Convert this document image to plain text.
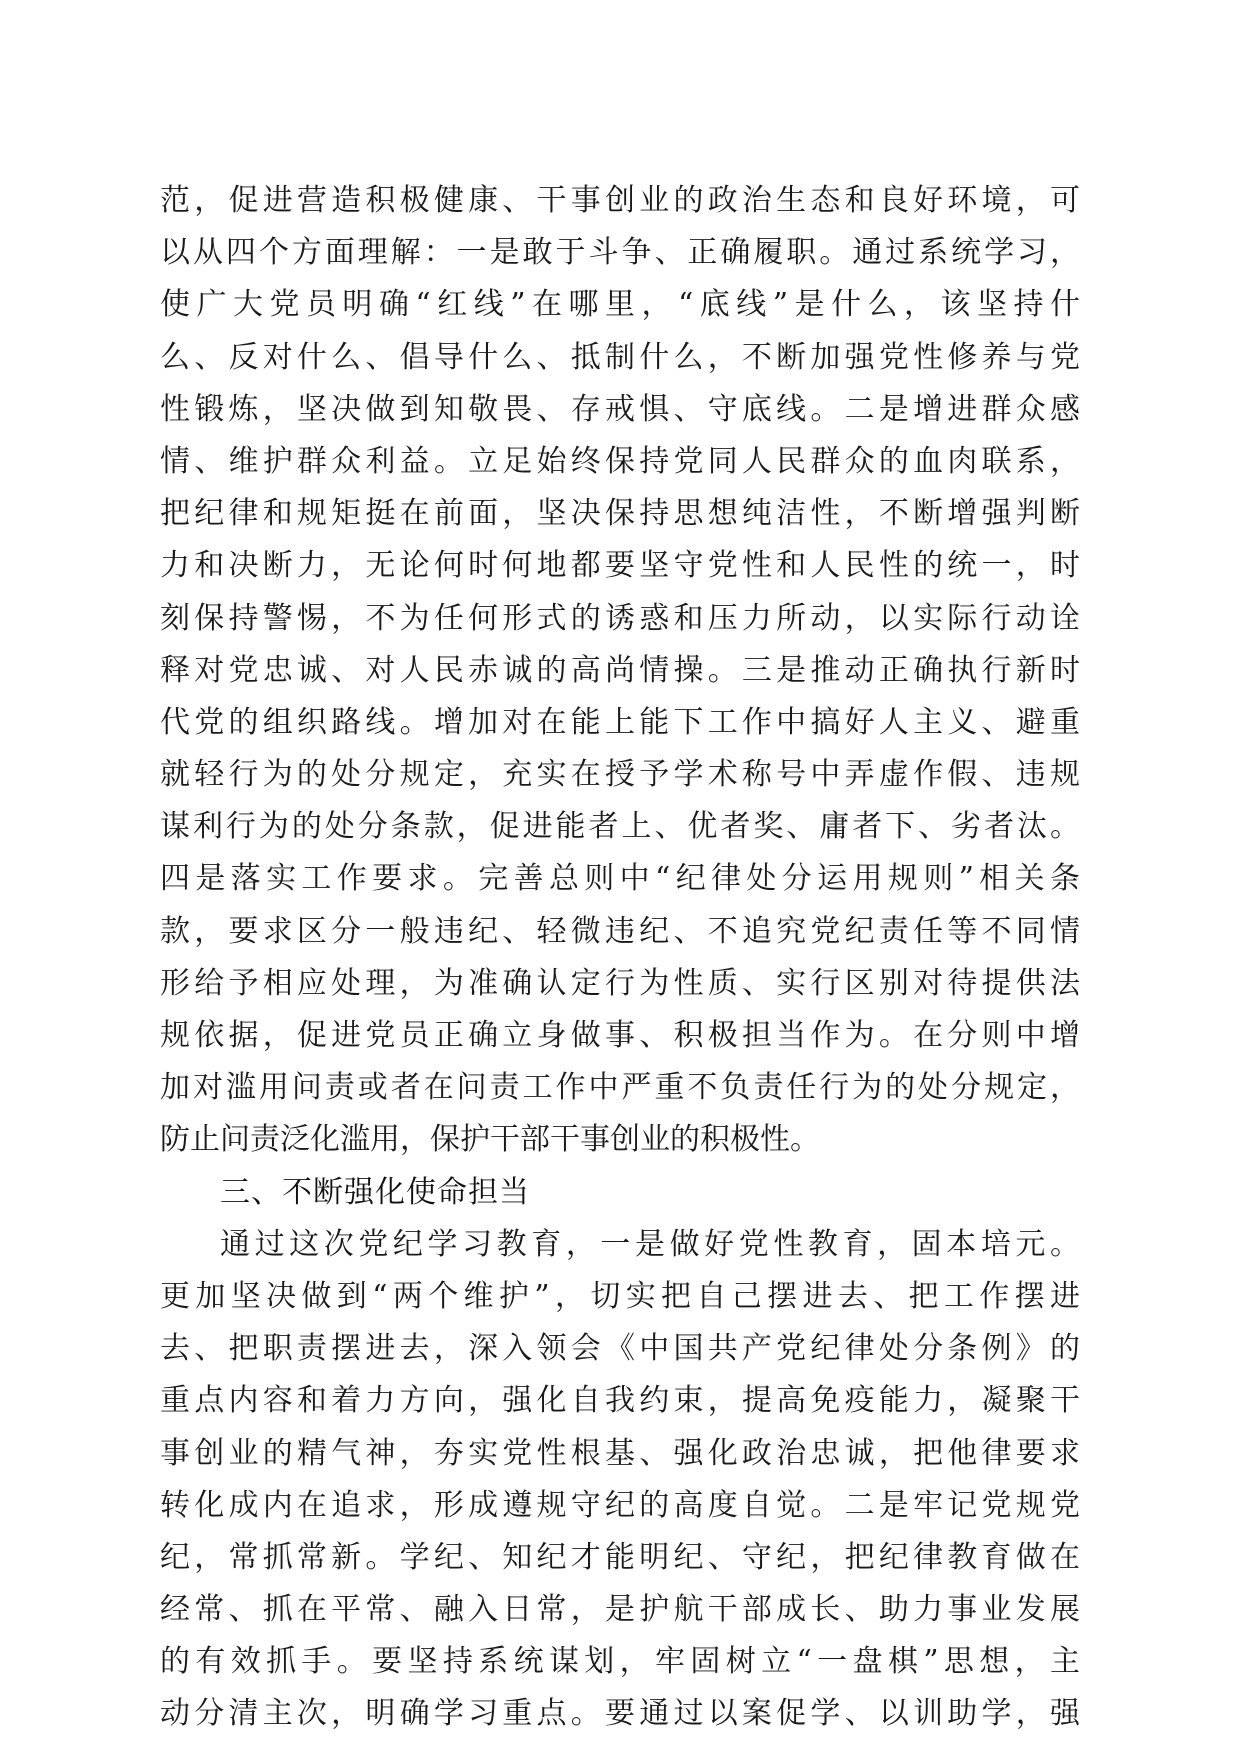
范，促进营造积极健康、干事创业的政治生态和良好环境，可
以从四个方面理解：一是敢于斗争、正确履职。通过系统学习，
使广大党员明确“红线”在哪里，“底线”是什么，该坚持什
么、反对什么、倡导什么、抵制什么，不断加强党性修养与党
性锻炼，坚决做到知敬畏、存戒惧、守底线。二是增进群众感
情、维护群众利益。立足始终保持党同人民群众的血肉联系，
把纪律和规矩挺在前面，坚决保持思想纯洁性，不断增强判断
力和决断力，无论何时何地都要坚守党性和人民性的统一，时
刻保持警惕，不为任何形式的诱惑和压力所动，以实际行动诠
释对党忠诚、对人民赤诚的高尚情操。三是推动正确执行新时
代党的组织路线。增加对在能上能下工作中搞好人主义、避重
就轻行为的处分规定，充实在授予学术称号中弄虚作假、违规
谋利行为的处分条款，促进能者上、优者奖、庸者下、劣者汰。
四是落实工作要求。完善总则中“纪律处分运用规则”相关条
款，要求区分一般违纪、轻微违纪、不追究党纪责任等不同情
形给予相应处理，为准确认定行为性质、实行区别对待提供法
规依据，促进党员正确立身做事、积极担当作为。在分则中增
加对滥用问责或者在问责工作中严重不负责任行为的处分规定，
防止问责泛化滥用，保护干部干事创业的积极性。
三、不断强化使命担当
通过这次党纪学习教育，一是做好党性教育，固本培元。
更加坚决做到“两个维护”，切实把自己摆进去、把工作摆进
去、把职责摆进去，深入领会《中国共产党纪律处分条例》的
重点内容和着力方向，强化自我约束，提高免疫能力，凝聚干
事创业的精气神，夯实党性根基、强化政治忠诚，把他律要求
转化成内在追求，形成遵规守纪的高度自觉。二是牢记党规党
纪，常抓常新。学纪、知纪才能明纪、守纪，把纪律教育做在
经常、抓在平常、融入日常，是护航干部成长、助力事业发展
的有效抓手。要坚持系统谋划，牢固树立“一盘棋”思想，主
动分清主次，明确学习重点。要通过以案促学、以训助学，强
